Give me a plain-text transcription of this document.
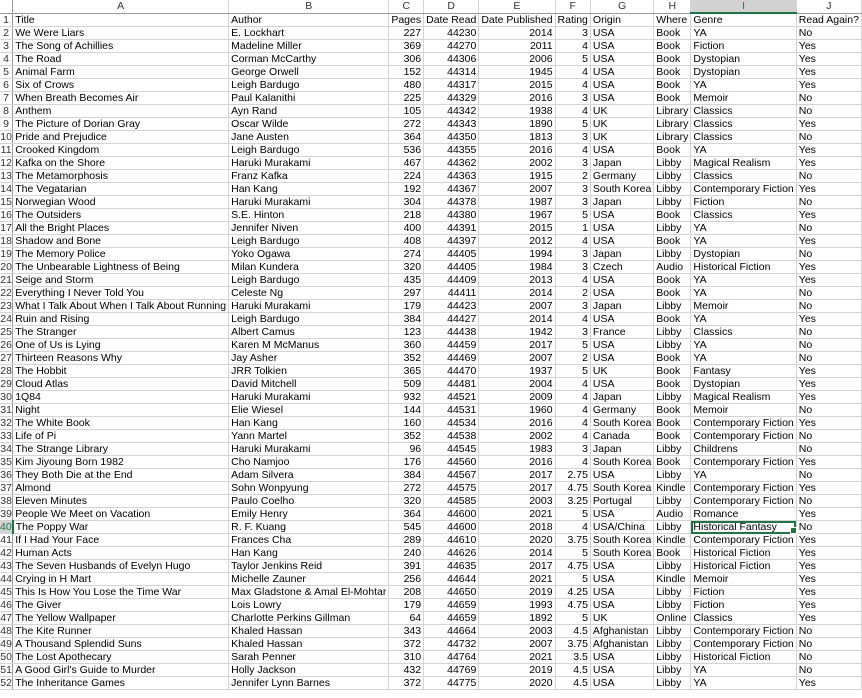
	A	B	C	D	E	F	G	H	I	J
1	Title	Author	Pages	Date Read	Date Published	Rating	Origin	Where	Genre	Read Again?
2	We Were Liars	E. Lockhart	227	44230	2014	3	USA	Book	YA	No
3	The Song of Achillies	Madeline Miller	369	44270	2011	4	USA	Book	Fiction	Yes
4	The Road	Corman McCarthy	306	44306	2006	5	USA	Book	Dystopian	Yes
5	Animal Farm	George Orwell	152	44314	1945	4	USA	Book	Dystopian	Yes
6	Six of Crows	Leigh Bardugo	480	44317	2015	4	USA	Book	YA	Yes
7	When Breath Becomes Air	Paul Kalanithi	225	44329	2016	3	USA	Book	Memoir	No
8	Anthem	Ayn Rand	105	44342	1938	4	UK	Library	Classics	No
9	The Picture of Dorian Gray	Oscar Wilde	272	44343	1890	5	UK	Library	Classics	Yes
10	Pride and Prejudice	Jane Austen	364	44350	1813	3	UK	Library	Classics	No
11	Crooked Kingdom	Leigh Bardugo	536	44355	2016	4	USA	Book	YA	Yes
12	Kafka on the Shore	Haruki Murakami	467	44362	2002	3	Japan	Libby	Magical Realism	Yes
13	The Metamorphosis	Franz Kafka	224	44363	1915	2	Germany	Libby	Classics	No
14	The Vegatarian	Han Kang	192	44367	2007	3	South Korea	Libby	Contemporary Fiction	Yes
15	Norwegian Wood	Haruki Murakami	304	44378	1987	3	Japan	Libby	Fiction	No
16	The Outsiders	S.E. Hinton	218	44380	1967	5	USA	Book	Classics	Yes
17	All the Bright Places	Jennifer Niven	400	44391	2015	1	USA	Libby	YA	No
18	Shadow and Bone	Leigh Bardugo	408	44397	2012	4	USA	Book	YA	Yes
19	The Memory Police	Yoko Ogawa	274	44405	1994	3	Japan	Libby	Dystopian	No
20	The Unbearable Lightness of Being	Milan Kundera	320	44405	1984	3	Czech	Audio	Historical Fiction	Yes
21	Seige and Storm	Leigh Bardugo	435	44409	2013	4	USA	Book	YA	Yes
22	Everything I Never Told You	Celeste Ng	297	44411	2014	2	USA	Book	YA	No
23	What I Talk About When I Talk About Running	Haruki Murakami	179	44423	2007	3	Japan	Libby	Memoir	No
24	Ruin and Rising	Leigh Bardugo	384	44427	2014	4	USA	Book	YA	Yes
25	The Stranger	Albert Camus	123	44438	1942	3	France	Libby	Classics	No
26	One of Us is Lying	Karen M McManus	360	44459	2017	5	USA	Libby	YA	No
27	Thirteen Reasons Why	Jay Asher	352	44469	2007	2	USA	Book	YA	No
28	The Hobbit	JRR Tolkien	365	44470	1937	5	UK	Book	Fantasy	Yes
29	Cloud Atlas	David Mitchell	509	44481	2004	4	USA	Book	Dystopian	Yes
30	1Q84	Haruki Murakami	932	44521	2009	4	Japan	Libby	Magical Realism	Yes
31	Night	Elie Wiesel	144	44531	1960	4	Germany	Book	Memoir	No
32	The White Book	Han Kang	160	44534	2016	4	South Korea	Book	Contemporary Fiction	Yes
33	Life of Pi	Yann Martel	352	44538	2002	4	Canada	Book	Contemporary Fiction	No
34	The Strange Library	Haruki Murakami	96	44545	1983	3	Japan	Libby	Childrens	No
35	Kim Jiyoung Born 1982	Cho Namjoo	176	44560	2016	4	South Korea	Book	Contemporary Fiction	Yes
36	They Both Die at the End	Adam Silvera	384	44567	2017	2.75	USA	Libby	YA	No
37	Almond	Sohn Wonpyung	272	44575	2017	4.75	South Korea	Kindle	Contemporary Fiction	Yes
38	Eleven Minutes	Paulo Coelho	320	44585	2003	3.25	Portugal	Libby	Contemporary Fiction	No
39	People We Meet on Vacation	Emily Henry	364	44600	2021	5	USA	Audio	Romance	Yes
40	The Poppy War	R. F. Kuang	545	44600	2018	4	USA/China	Libby	Historical Fantasy	No
41	If I Had Your Face	Frances Cha	289	44610	2020	3.75	South Korea	Kindle	Contemporary Fiction	Yes
42	Human Acts	Han Kang	240	44626	2014	5	South Korea	Book	Historical Fiction	Yes
43	The Seven Husbands of Evelyn Hugo	Taylor Jenkins Reid	391	44635	2017	4.75	USA	Libby	Historical Fiction	Yes
44	Crying in H Mart	Michelle Zauner	256	44644	2021	5	USA	Kindle	Memoir	Yes
45	This Is How You Lose the Time War	Max Gladstone & Amal El-Mohtar	208	44650	2019	4.25	USA	Libby	Fiction	Yes
46	The Giver	Lois Lowry	179	44659	1993	4.75	USA	Libby	Fiction	Yes
47	The Yellow Wallpaper	Charlotte Perkins Gillman	64	44659	1892	5	UK	Online	Classics	Yes
48	The Kite Runner	Khaled Hassan	343	44664	2003	4.5	Afghanistan	Libby	Contemporary Fiction	No
49	A Thousand Splendid Suns	Khaled Hassan	372	44732	2007	3.75	Afghanistan	Libby	Contemporary Fiction	No
50	The Lost Apothecary	Sarah Penner	310	44764	2021	3.5	USA	Libby	Historical Fiction	No
51	A Good Girl's Guide to Murder	Holly Jackson	432	44769	2019	4.5	USA	Libby	YA	No
52	The Inheritance Games	Jennifer Lynn Barnes	372	44775	2020	4.5	USA	Libby	YA	Yes
